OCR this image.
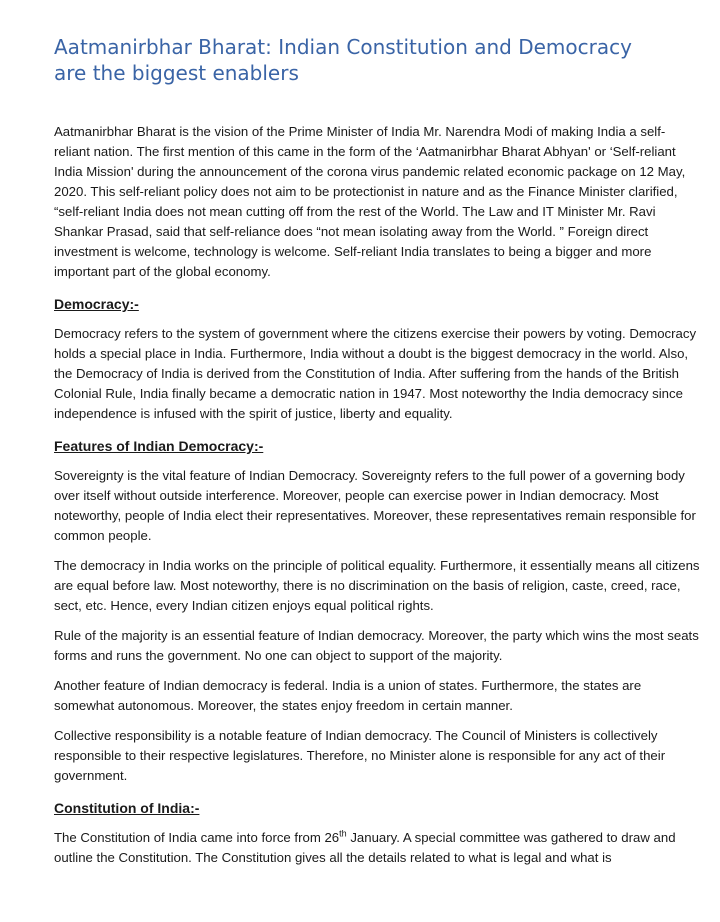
Aatmanirbhar Bharat: Indian Constitution and Democracy
are the biggest enablers

Aatmanirbhar Bharat is the vision of the Prime Minister of India Mr. Narendra Modi of making India a self-reliant nation. The first mention of this came in the form of the ‘Aatmanirbhar Bharat Abhyan' or ‘Self-reliant India Mission' during the announcement of the corona virus pandemic related economic package on 12 May, 2020. This self-reliant policy does not aim to be protectionist in nature and as the Finance Minister clarified, “self-reliant India does not mean cutting off from the rest of the World. The Law and IT Minister Mr. Ravi Shankar Prasad, said that self-reliance does “not mean isolating away from the World. ” Foreign direct investment is welcome, technology is welcome. Self-reliant India translates to being a bigger and more important part of the global economy.

Democracy:-

Democracy refers to the system of government where the citizens exercise their powers by voting. Democracy holds a special place in India. Furthermore, India without a doubt is the biggest democracy in the world. Also, the Democracy of India is derived from the Constitution of India. After suffering from the hands of the British Colonial Rule, India finally became a democratic nation in 1947. Most noteworthy the India democracy since independence is infused with the spirit of justice, liberty and equality.

Features of Indian Democracy:-

Sovereignty is the vital feature of Indian Democracy. Sovereignty refers to the full power of a governing body over itself without outside interference. Moreover, people can exercise power in Indian democracy. Most noteworthy, people of India elect their representatives. Moreover, these representatives remain responsible for common people.

The democracy in India works on the principle of political equality. Furthermore, it essentially means all citizens are equal before law. Most noteworthy, there is no discrimination on the basis of religion, caste, creed, race, sect, etc. Hence, every Indian citizen enjoys equal political rights.

Rule of the majority is an essential feature of Indian democracy. Moreover, the party which wins the most seats forms and runs the government. No one can object to support of the majority.

Another feature of Indian democracy is federal. India is a union of states. Furthermore, the states are somewhat autonomous. Moreover, the states enjoy freedom in certain manner.

Collective responsibility is a notable feature of Indian democracy. The Council of Ministers is collectively responsible to their respective legislatures. Therefore, no Minister alone is responsible for any act of their government.

Constitution of India:-

The Constitution of India came into force from 26th January. A special committee was gathered to draw and outline the Constitution. The Constitution gives all the details related to what is legal and what is
